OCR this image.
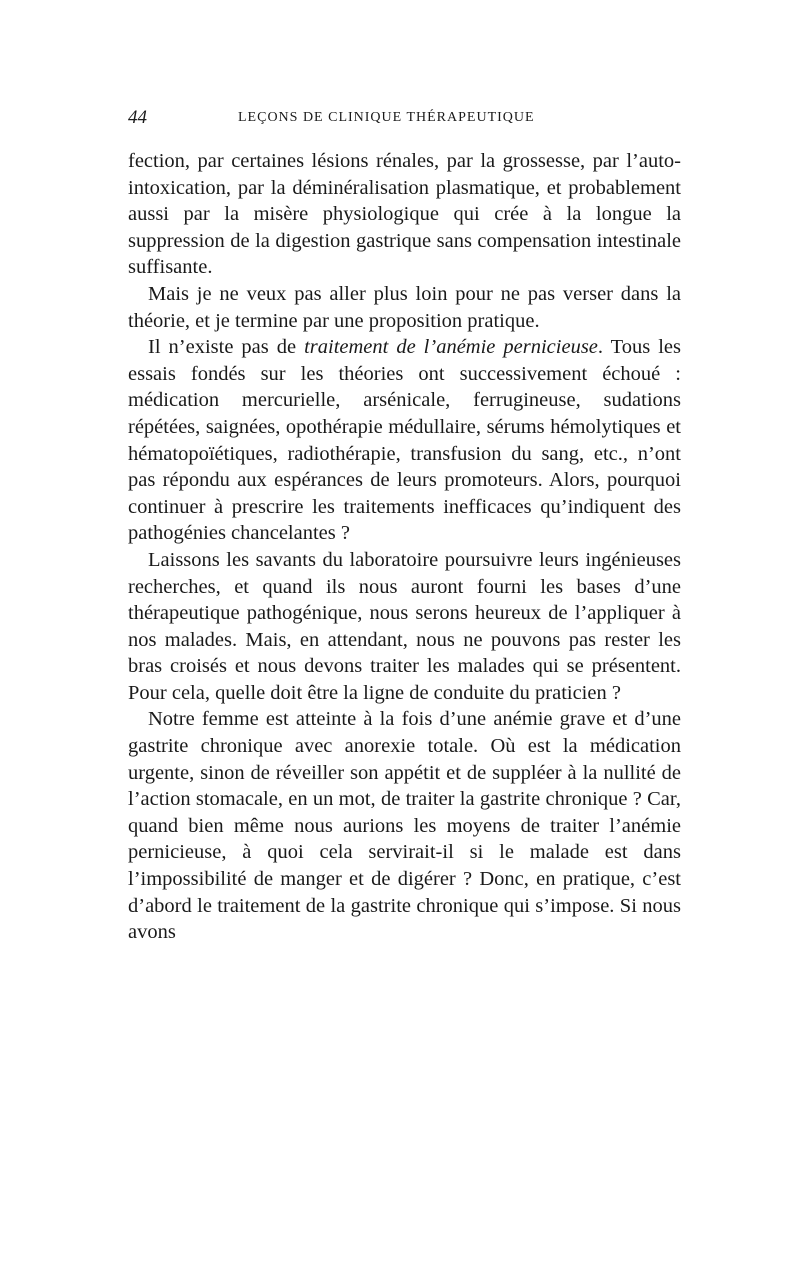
44	LEÇONS DE CLINIQUE THÉRAPEUTIQUE

fection, par certaines lésions rénales, par la grossesse, par l’auto-intoxication, par la déminéralisation plasmatique, et probablement aussi par la misère physiologique qui crée à la longue la suppression de la digestion gastrique sans compensation intestinale suffisante.

Mais je ne veux pas aller plus loin pour ne pas verser dans la théorie, et je termine par une proposition pratique.

Il n’existe pas de traitement de l’anémie pernicieuse. Tous les essais fondés sur les théories ont successivement échoué : médication mercurielle, arsénicale, ferrugineuse, sudations répétées, saignées, opothérapie médullaire, sérums hémolytiques et hématopoïétiques, radiothérapie, transfusion du sang, etc., n’ont pas répondu aux espérances de leurs promoteurs. Alors, pourquoi continuer à prescrire les traitements inefficaces qu’indiquent des pathogénies chancelantes ?

Laissons les savants du laboratoire poursuivre leurs ingénieuses recherches, et quand ils nous auront fourni les bases d’une thérapeutique pathogénique, nous serons heureux de l’appliquer à nos malades. Mais, en attendant, nous ne pouvons pas rester les bras croisés et nous devons traiter les malades qui se présentent. Pour cela, quelle doit être la ligne de conduite du praticien ?

Notre femme est atteinte à la fois d’une anémie grave et d’une gastrite chronique avec anorexie totale. Où est la médication urgente, sinon de réveiller son appétit et de suppléer à la nullité de l’action stomacale, en un mot, de traiter la gastrite chronique ? Car, quand bien même nous aurions les moyens de traiter l’anémie pernicieuse, à quoi cela servirait-il si le malade est dans l’impossibilité de manger et de digérer ? Donc, en pratique, c’est d’abord le traitement de la gastrite chronique qui s’impose. Si nous avons
